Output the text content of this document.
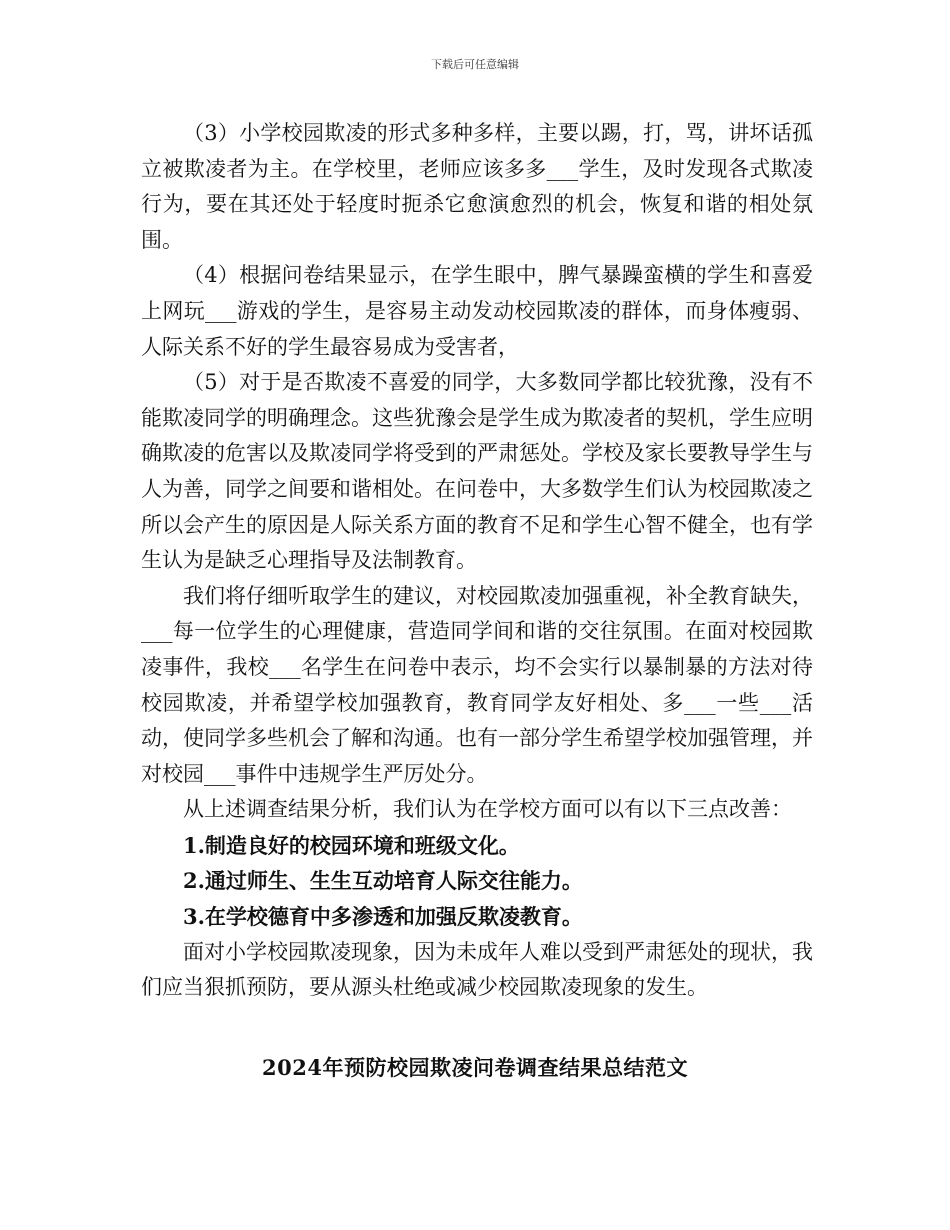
下载后可任意编辑

（3）小学校园欺凌的形式多种多样，主要以踢，打，骂，讲坏话孤立被欺凌者为主。在学校里，老师应该多多___学生，及时发现各式欺凌行为，要在其还处于轻度时扼杀它愈演愈烈的机会，恢复和谐的相处氛围。

（4）根据问卷结果显示，在学生眼中，脾气暴躁蛮横的学生和喜爱上网玩___游戏的学生，是容易主动发动校园欺凌的群体，而身体瘦弱、人际关系不好的学生最容易成为受害者，

（5）对于是否欺凌不喜爱的同学，大多数同学都比较犹豫，没有不能欺凌同学的明确理念。这些犹豫会是学生成为欺凌者的契机，学生应明确欺凌的危害以及欺凌同学将受到的严肃惩处。学校及家长要教导学生与人为善，同学之间要和谐相处。在问卷中，大多数学生们认为校园欺凌之所以会产生的原因是人际关系方面的教育不足和学生心智不健全，也有学生认为是缺乏心理指导及法制教育。

我们将仔细听取学生的建议，对校园欺凌加强重视，补全教育缺失，___每一位学生的心理健康，营造同学间和谐的交往氛围。在面对校园欺凌事件，我校___名学生在问卷中表示，均不会实行以暴制暴的方法对待校园欺凌，并希望学校加强教育，教育同学友好相处、多___一些___活动，使同学多些机会了解和沟通。也有一部分学生希望学校加强管理，并对校园___事件中违规学生严厉处分。

从上述调查结果分析，我们认为在学校方面可以有以下三点改善：

1.制造良好的校园环境和班级文化。

2.通过师生、生生互动培育人际交往能力。

3.在学校德育中多渗透和加强反欺凌教育。

面对小学校园欺凌现象，因为未成年人难以受到严肃惩处的现状，我们应当狠抓预防，要从源头杜绝或减少校园欺凌现象的发生。

2024年预防校园欺凌问卷调查结果总结范文
